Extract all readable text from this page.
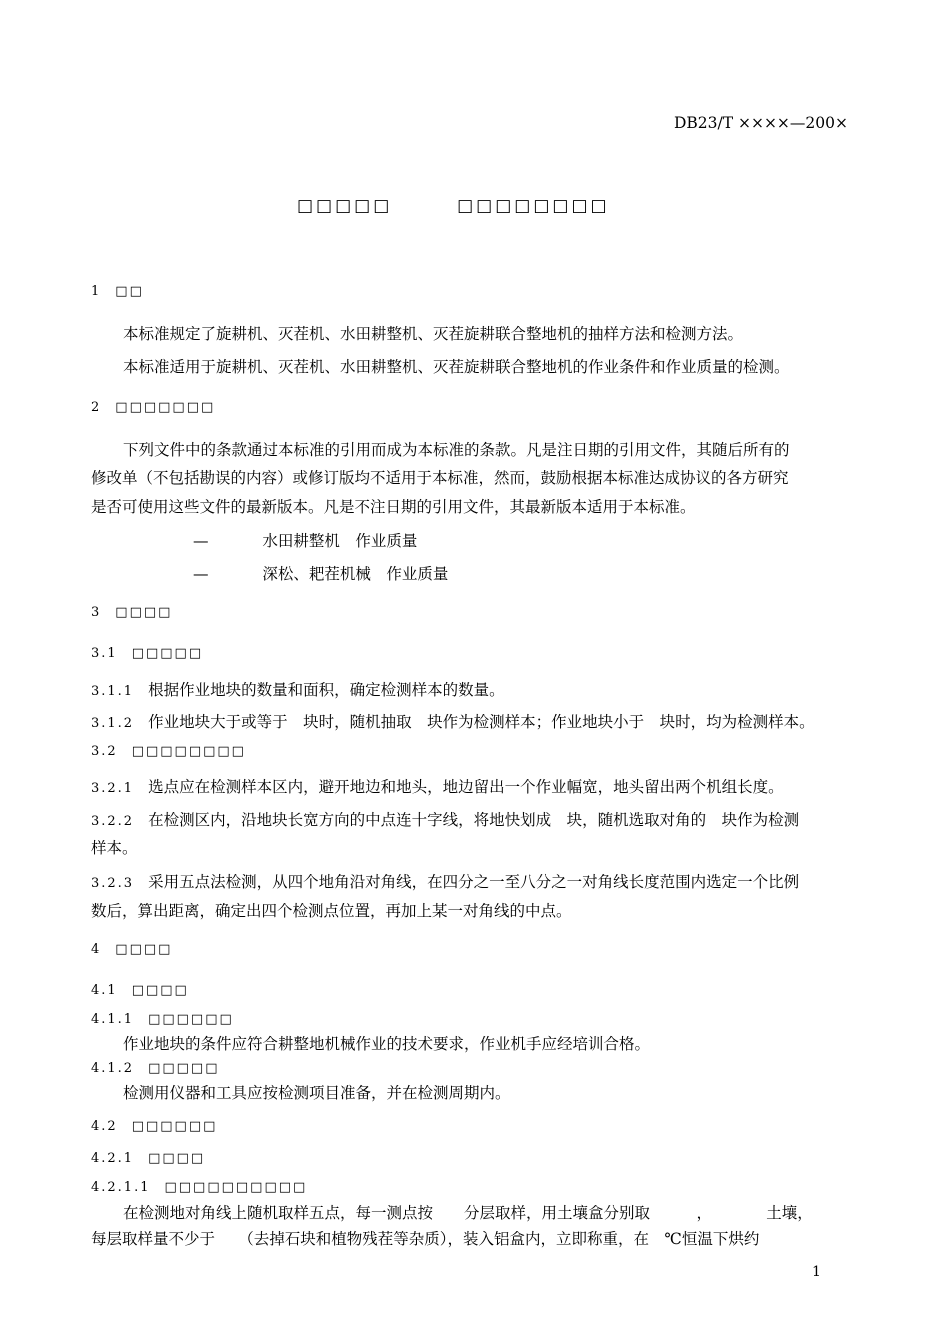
DB23/T ××××—200×
□□□□□	□□□□□□□□
1 □□
本标准规定了旋耕机、灭茬机、水田耕整机、灭茬旋耕联合整地机的抽样方法和检测方法。
本标准适用于旋耕机、灭茬机、水田耕整机、灭茬旋耕联合整地机的作业条件和作业质量的检测。
2 □□□□□□□
下列文件中的条款通过本标准的引用而成为本标准的条款。凡是注日期的引用文件，其随后所有的
修改单（不包括勘误的内容）或修订版均不适用于本标准，然而，鼓励根据本标准达成协议的各方研究
是否可使用这些文件的最新版本。凡是不注日期的引用文件，其最新版本适用于本标准。
—	水田耕整机　作业质量
—	深松、耙茬机械　作业质量
3 □□□□
3.1 □□□□□
3.1.1 根据作业地块的数量和面积，确定检测样本的数量。
3.1.2 作业地块大于或等于　块时，随机抽取　块作为检测样本；作业地块小于　块时，均为检测样本。
3.2 □□□□□□□□
3.2.1 选点应在检测样本区内，避开地边和地头，地边留出一个作业幅宽，地头留出两个机组长度。
3.2.2 在检测区内，沿地块长宽方向的中点连十字线，将地快划成　块，随机选取对角的　块作为检测
样本。
3.2.3 采用五点法检测，从四个地角沿对角线，在四分之一至八分之一对角线长度范围内选定一个比例
数后，算出距离，确定出四个检测点位置，再加上某一对角线的中点。
4 □□□□
4.1 □□□□
4.1.1 □□□□□□
作业地块的条件应符合耕整地机械作业的技术要求，作业机手应经培训合格。
4.1.2 □□□□□
检测用仪器和工具应按检测项目准备，并在检测周期内。
4.2 □□□□□□
4.2.1 □□□□
4.2.1.1 □□□□□□□□□□
在检测地对角线上随机取样五点，每一测点按　　分层取样，用土壤盒分别取　　　，　　　　土壤，
每层取样量不少于　　（去掉石块和植物残茬等杂质），装入铝盒内，立即称重，在　℃恒温下烘约
1
